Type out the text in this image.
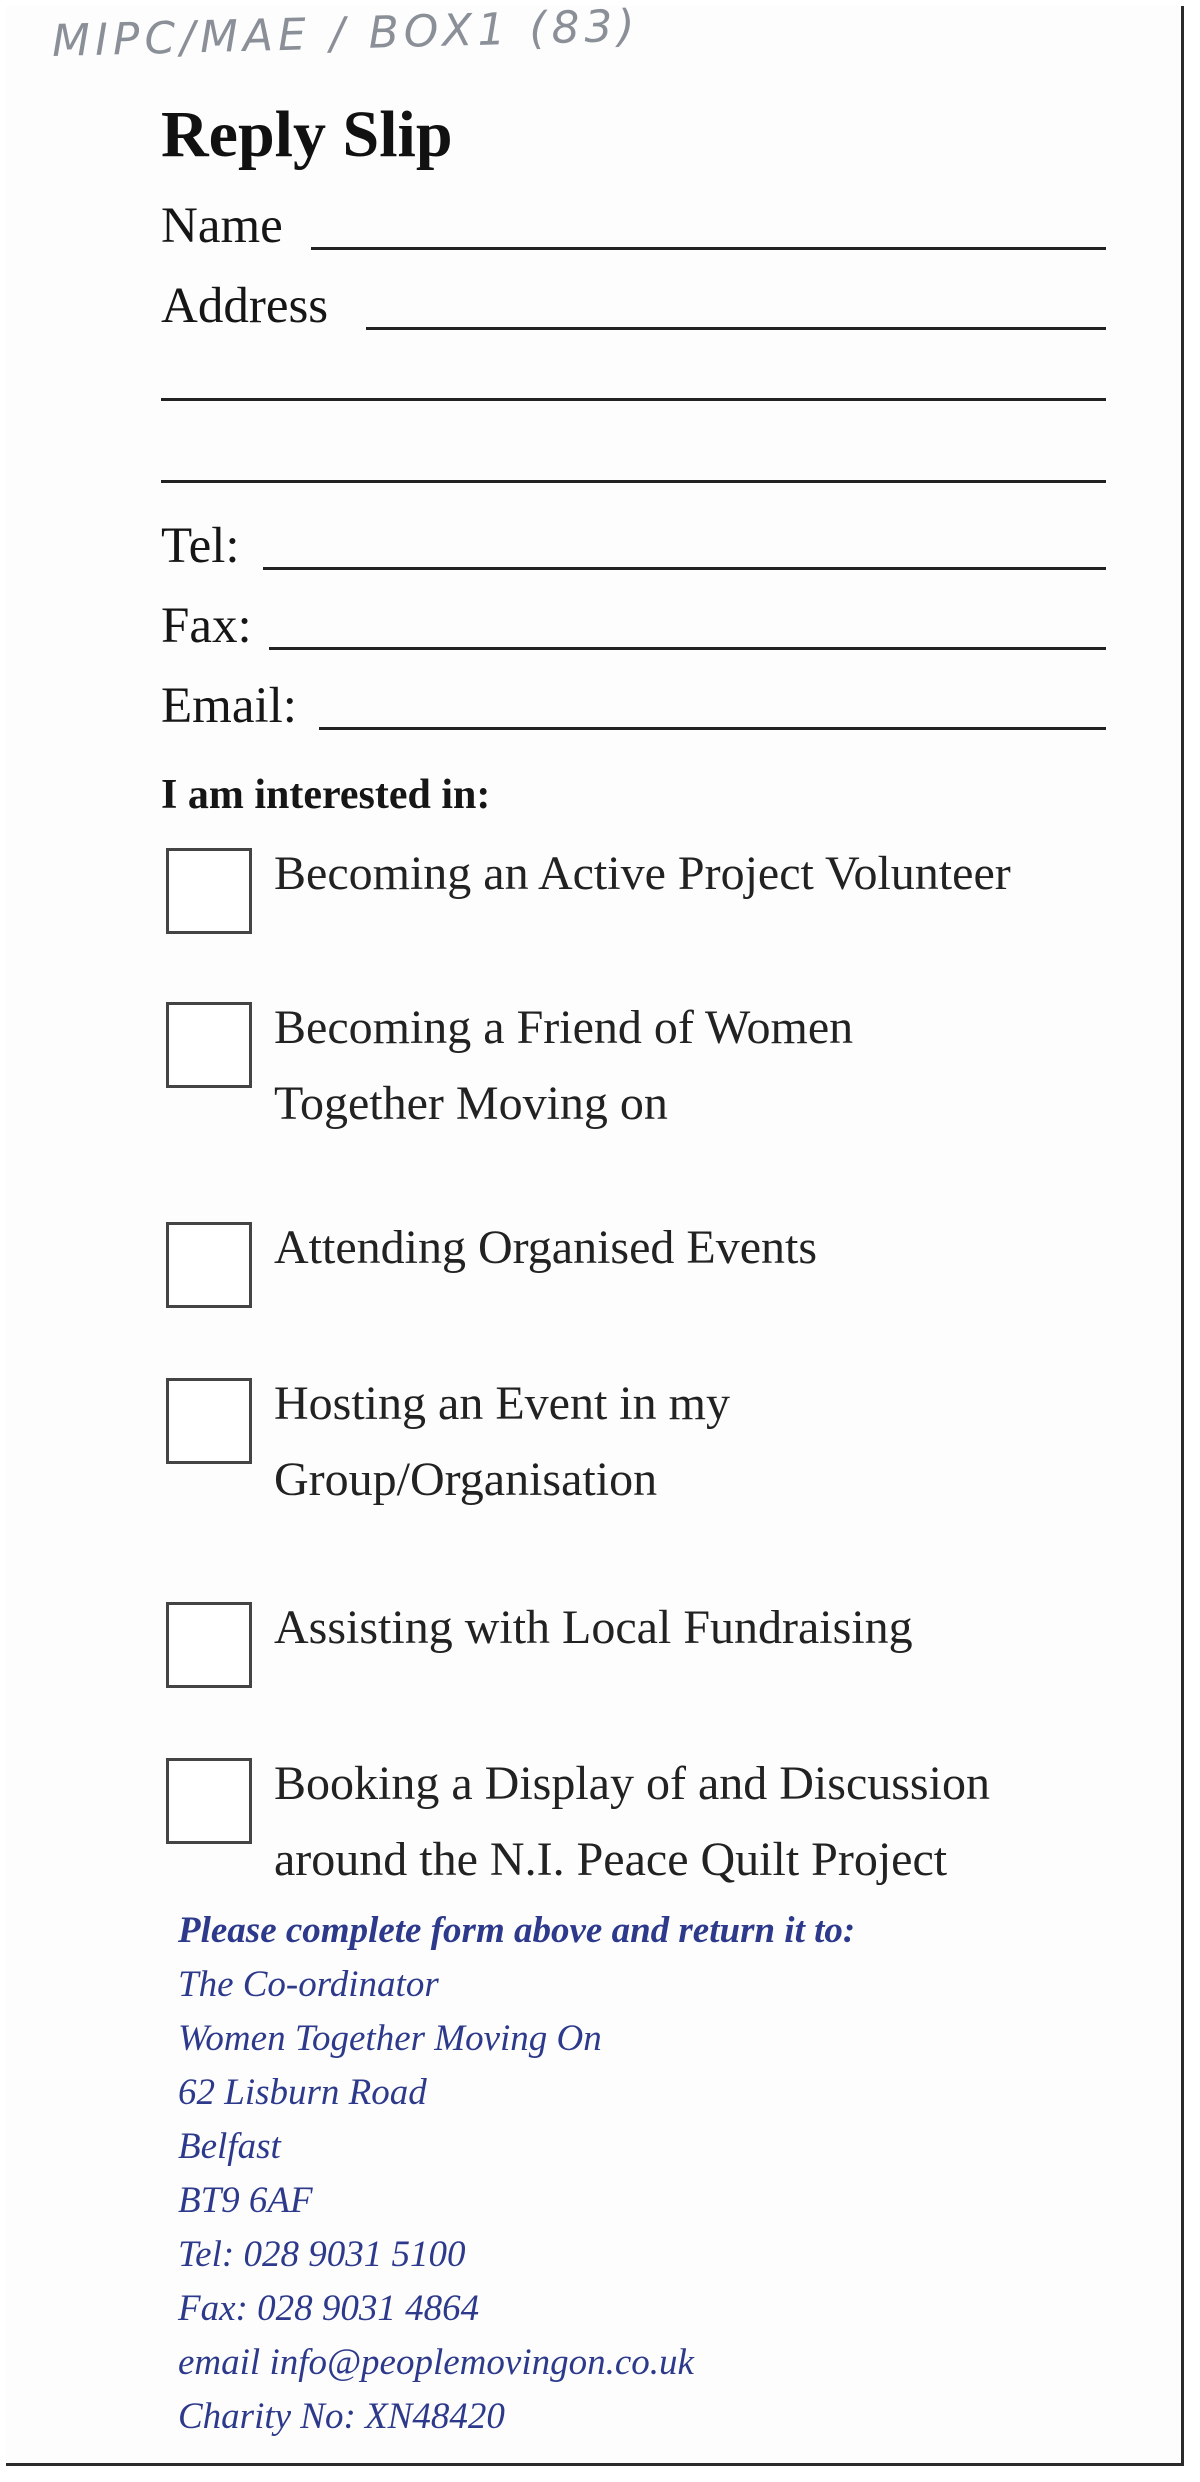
MIPC/MAE / BOX1 (83)
Reply Slip
Name
Address
Tel:
Fax:
Email:
I am interested in:
Becoming an Active Project Volunteer
Becoming a Friend of Women
Together Moving on
Attending Organised Events
Hosting an Event in my
Group/Organisation
Assisting with Local Fundraising
Booking a Display of and Discussion
around the N.I. Peace Quilt Project
Please complete form above and return it to:
The Co-ordinator
Women Together Moving On
62 Lisburn Road
Belfast
BT9 6AF
Tel: 028 9031 5100
Fax: 028 9031 4864
email info@peoplemovingon.co.uk
Charity No: XN48420
